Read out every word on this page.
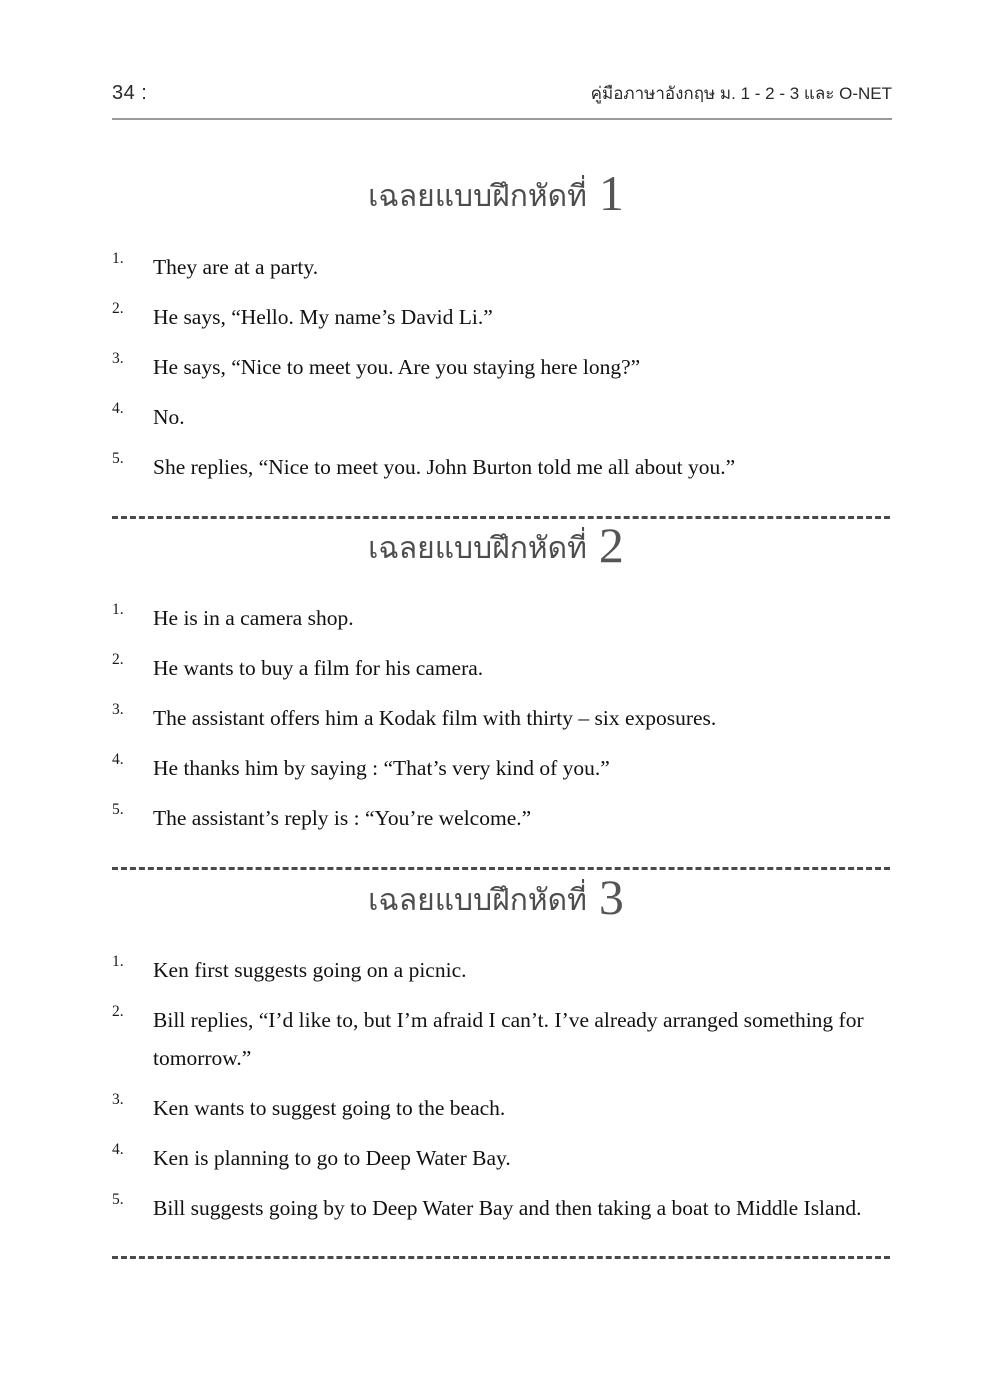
34 :	คู่มือภาษาอังกฤษ ม. 1 - 2 - 3 และ O-NET
เฉลยแบบฝึกหัดที่ 1
1.	They are at a party.
2.	He says, “Hello. My name’s David Li.”
3.	He says, “Nice to meet you. Are you staying here long?”
4.	No.
5.	She replies, “Nice to meet you. John Burton told me all about you.”
เฉลยแบบฝึกหัดที่ 2
1.	He is in a camera shop.
2.	He wants to buy a film for his camera.
3.	The assistant offers him a Kodak film with thirty – six exposures.
4.	He thanks him by saying : “That’s very kind of you.”
5.	The assistant’s reply is : “You’re welcome.”
เฉลยแบบฝึกหัดที่ 3
1.	Ken first suggests going on a picnic.
2.	Bill replies, “I’d like to, but I’m afraid I can’t. I’ve already arranged something for tomorrow.”
3.	Ken wants to suggest going to the beach.
4.	Ken is planning to go to Deep Water Bay.
5.	Bill suggests going by to Deep Water Bay and then taking a boat to Middle Island.
